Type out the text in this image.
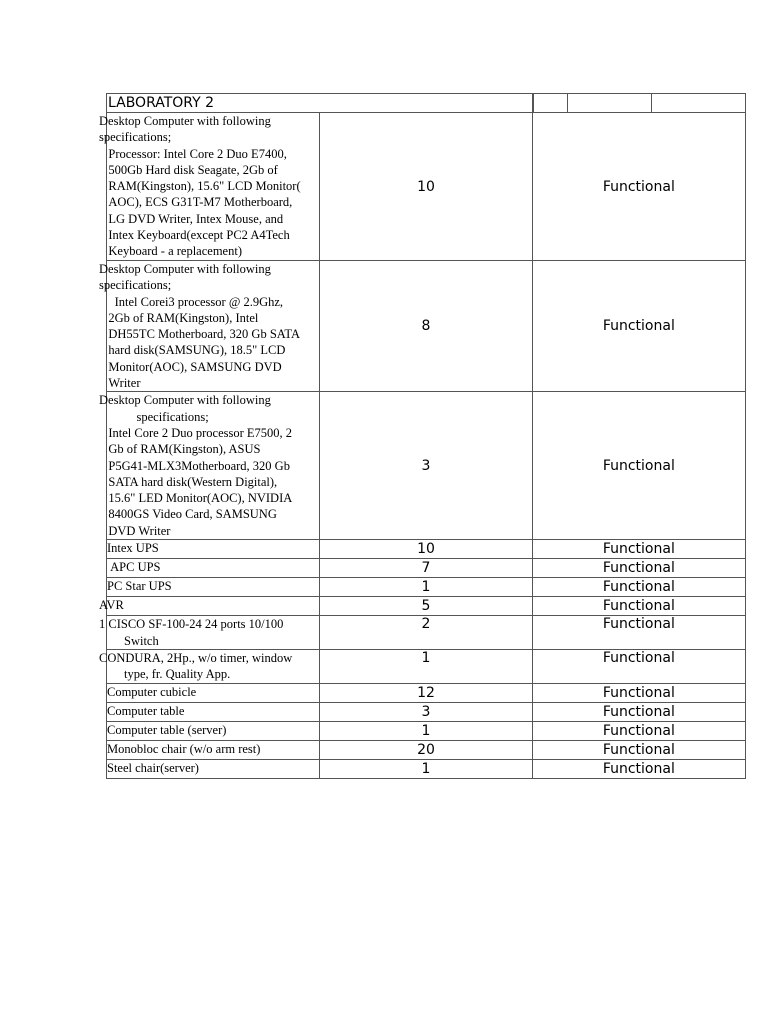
LABORATORY 2	

Desktop Computer with following
specifications;
Processor: Intel Core 2 Duo E7400,
500Gb Hard disk Seagate, 2Gb of
RAM(Kingston), 15.6" LCD Monitor(
AOC), ECS G31T-M7 Motherboard,
LG DVD Writer, Intex Mouse, and
Intex Keyboard(except PC2 A4Tech
Keyboard - a replacement)
	10	Functional

Desktop Computer with following
specifications;
Intel Corei3 processor @ 2.9Ghz,
2Gb of RAM(Kingston), Intel
DH55TC Motherboard, 320 Gb SATA
hard disk(SAMSUNG), 18.5" LCD
Monitor(AOC), SAMSUNG DVD
Writer
	8	Functional

Desktop Computer with following
specifications;
Intel Core 2 Duo processor E7500, 2
Gb of RAM(Kingston), ASUS
P5G41-MLX3Motherboard, 320 Gb
SATA hard disk(Western Digital),
15.6" LED Monitor(AOC), NVIDIA
8400GS Video Card, SAMSUNG
DVD Writer
	3	Functional

Intex UPS	10	Functional

APC UPS	7	Functional

PC Star UPS	1	Functional

AVR	5	Functional

1 CISCO SF-100-24 24 ports 10/100
Switch
	2	Functional

CONDURA, 2Hp., w/o timer, window
type, fr. Quality App.
	1	Functional

Computer cubicle	12	Functional

Computer table	3	Functional

Computer table (server)	1	Functional

Monobloc chair (w/o arm rest)	20	Functional

Steel chair(server)	1	Functional
